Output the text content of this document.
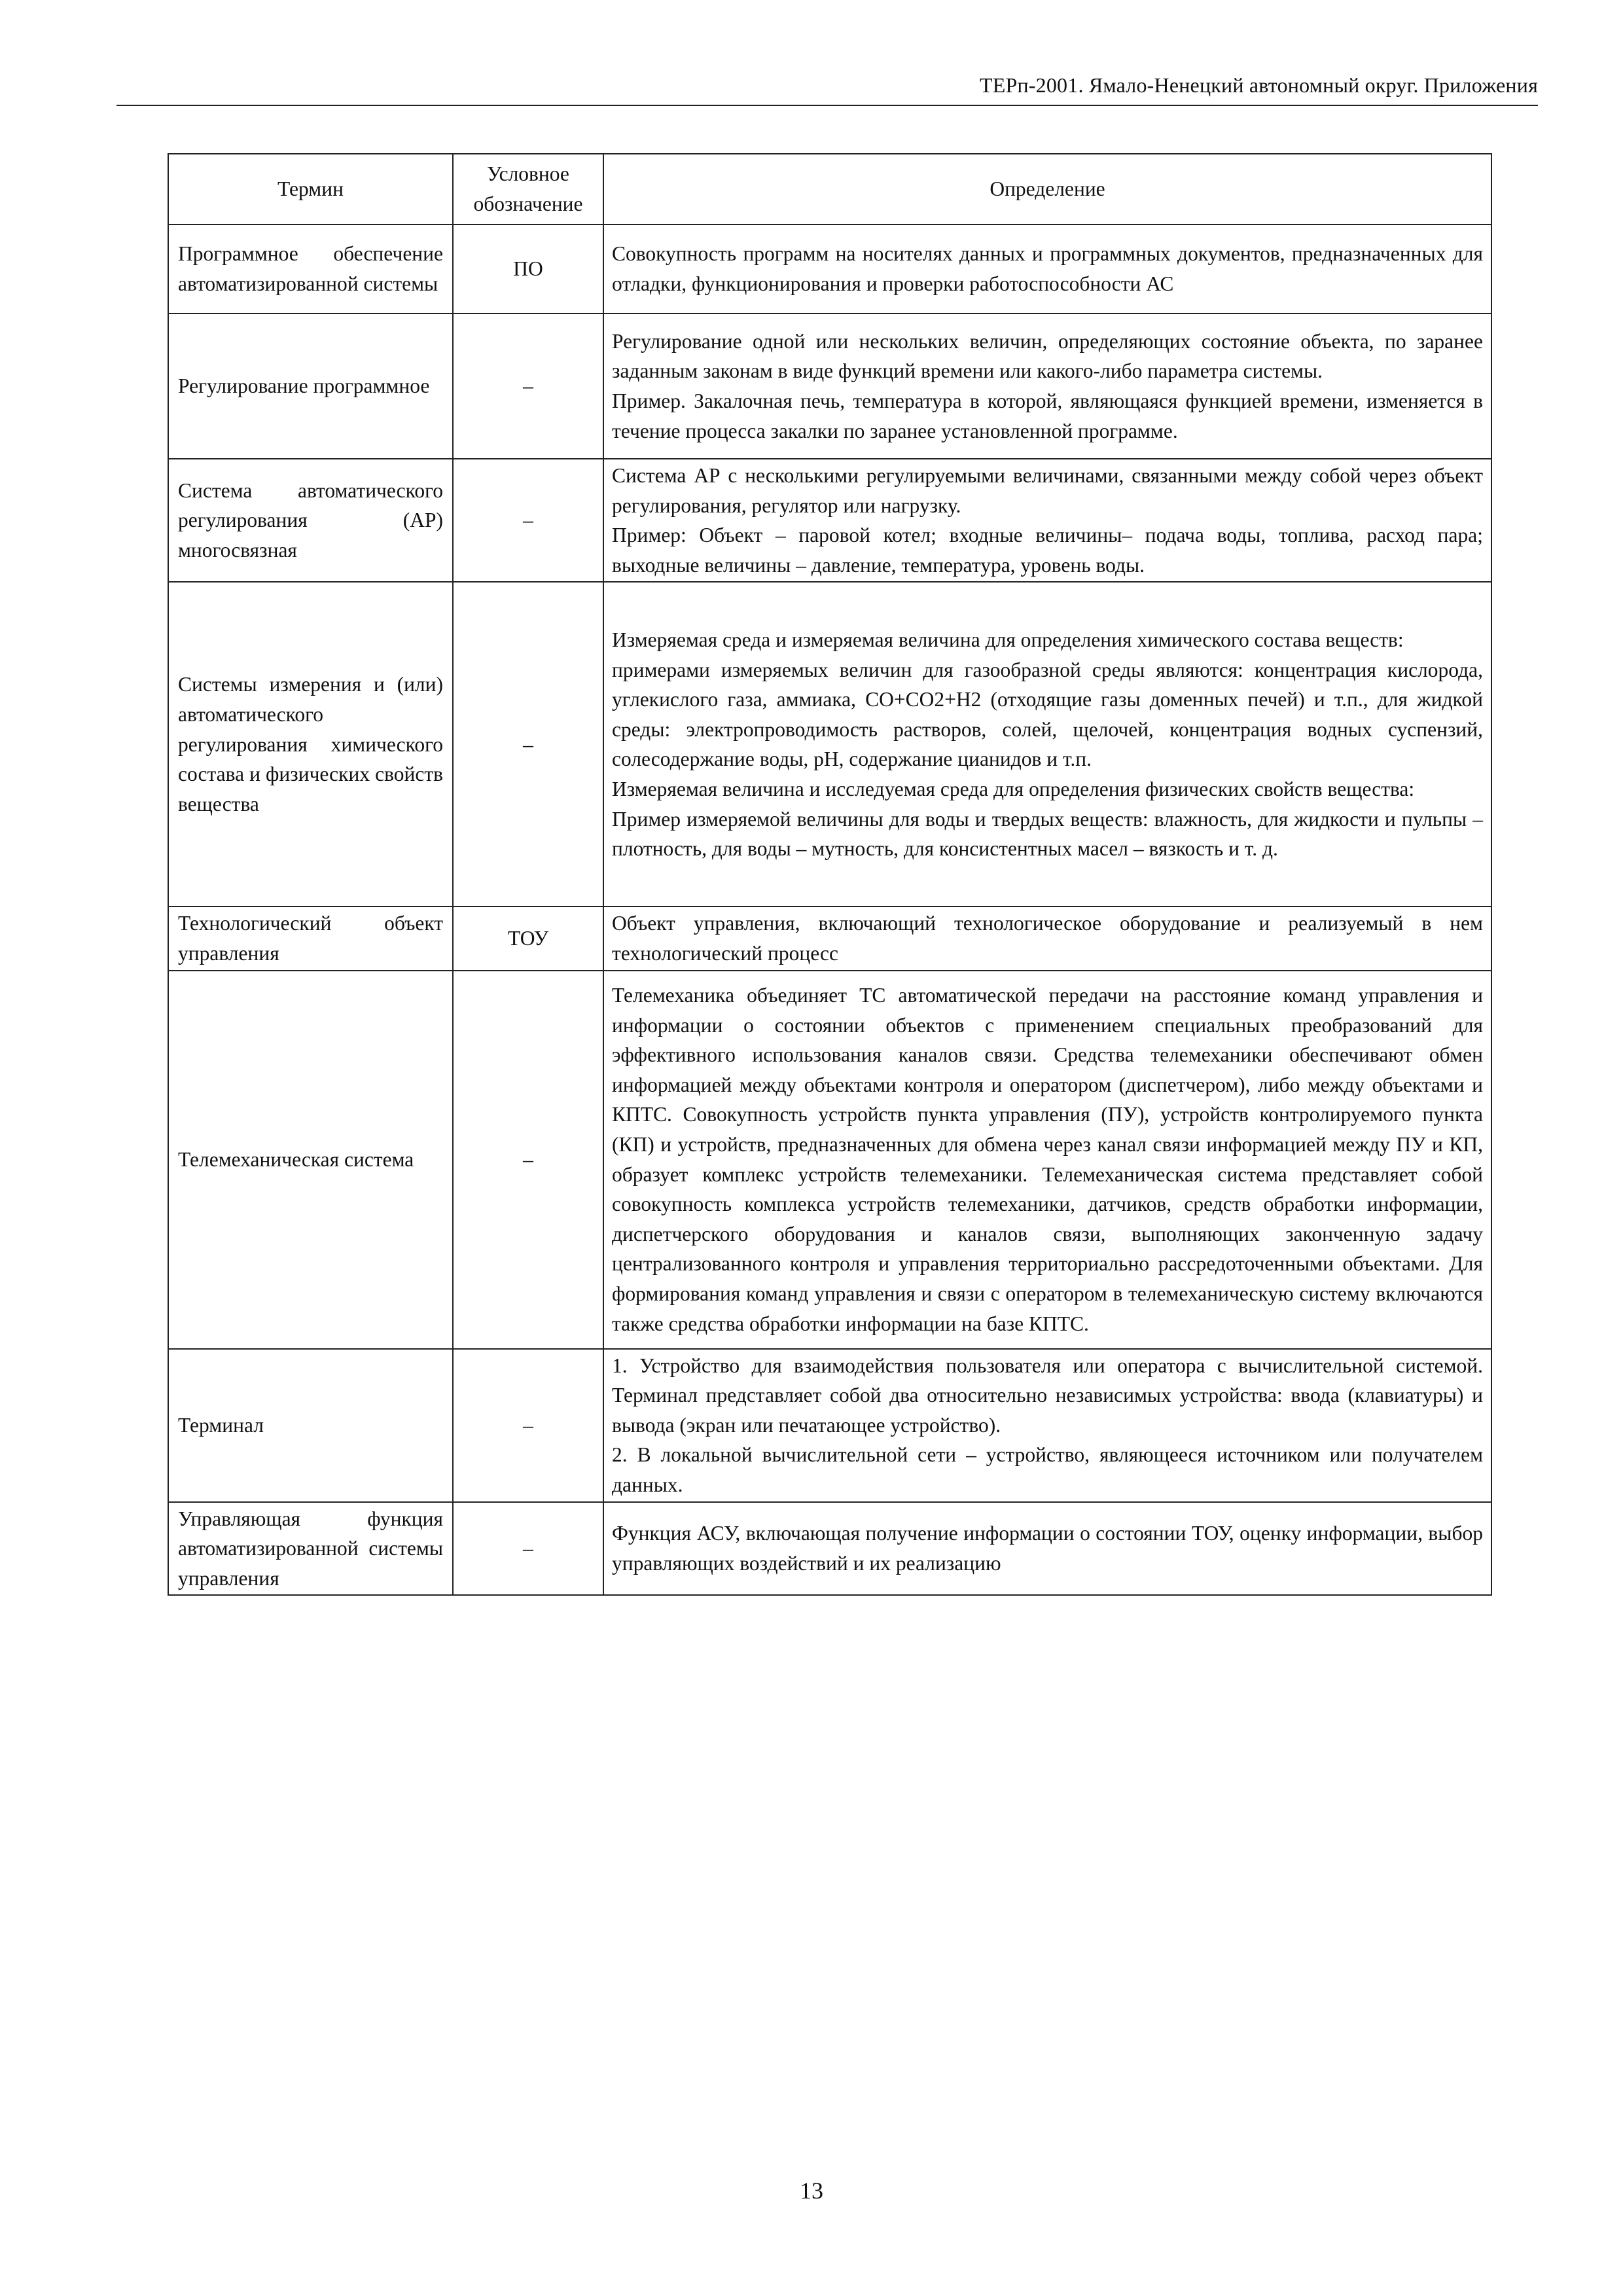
ТЕРп-2001. Ямало-Ненецкий автономный округ. Приложения
Термин	Условное обозначение	Определение
Программное обеспечение автоматизированной системы	ПО	Совокупность программ на носителях данных и программных документов, предназначенных для отладки, функционирования и проверки работоспособности АС

Регулирование программное	–	Регулирование одной или нескольких величин, определяющих состояние объекта, по заранее заданным законам в виде функций времени или какого-либо параметра системы.

Пример. Закалочная печь, температура в которой, являющаяся функцией времени, изменяется в течение процесса закалки по заранее установленной программе.

Система автоматического регулирования (АР) многосвязная	–	Система АР с несколькими регулируемыми величинами, связанными между собой через объект регулирования, регулятор или нагрузку.

Пример: Объект – паровой котел; входные величины– подача воды, топлива, расход пара; выходные величины – давление, температура, уровень воды.

Системы измерения и (или) автоматического регулирования химического состава и физических свойств вещества	–	Измеряемая среда и измеряемая величина для определения химического состава веществ:

примерами измеряемых величин для газообразной среды являются: концентрация кислорода, углекислого газа, аммиака, СО+СО2+Н2 (отходящие газы доменных печей) и т.п., для жидкой среды: электропроводимость растворов, солей, щелочей, концентрация водных суспензий, солесодержание воды, pH, содержание цианидов и т.п.

Измеряемая величина и исследуемая среда для определения физических свойств вещества:

Пример измеряемой величины для воды и твердых веществ: влажность, для жидкости и пульпы – плотность, для воды – мутность, для консистентных масел – вязкость и т. д.

Технологический объект управления	ТОУ	Объект управления, включающий технологическое оборудование и реализуемый в нем технологический процесс

Телемеханическая система	–	Телемеханика объединяет ТС автоматической передачи на расстояние команд управления и информации о состоянии объектов с применением специальных преобразований для эффективного использования каналов связи. Средства телемеханики обеспечивают обмен информацией между объектами контроля и оператором (диспетчером), либо между объектами и КПТС. Совокупность устройств пункта управления (ПУ), устройств контролируемого пункта (КП) и устройств, предназначенных для обмена через канал связи информацией между ПУ и КП, образует комплекс устройств телемеханики. Телемеханическая система представляет собой совокупность комплекса устройств телемеханики, датчиков, средств обработки информации, диспетчерского оборудования и каналов связи, выполняющих законченную задачу централизованного контроля и управления территориально рассредоточенными объектами. Для формирования команд управления и связи с оператором в телемеханическую систему включаются также средства обработки информации на базе КПТС.

Терминал	–	1. Устройство для взаимодействия пользователя или оператора с вычислительной системой. Терминал представляет собой два относительно независимых устройства: ввода (клавиатуры) и вывода (экран или печатающее устройство).

2. В локальной вычислительной сети – устройство, являющееся источником или получателем данных.

Управляющая функция автоматизированной системы управления	–	Функция АСУ, включающая получение информации о состоянии ТОУ, оценку информации, выбор управляющих воздействий и их реализацию

13
